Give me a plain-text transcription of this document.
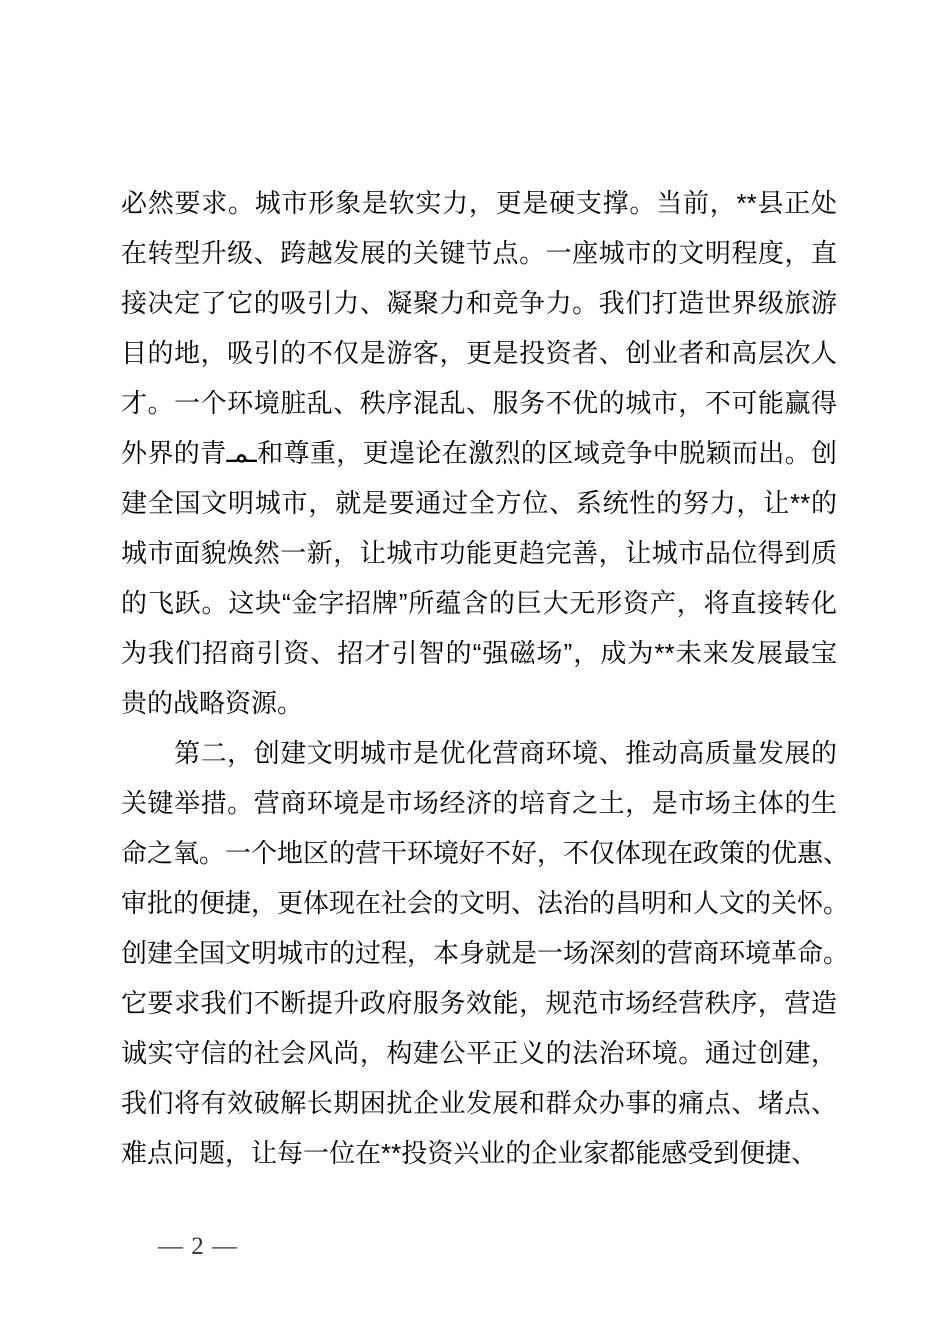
必然要求。城市形象是软实力，更是硬支撑。当前，**县正处
在转型升级、跨越发展的关键节点。一座城市的文明程度，直
接决定了它的吸引力、凝聚力和竞争力。我们打造世界级旅游
目的地，吸引的不仅是游客，更是投资者、创业者和高层次人
才。一个环境脏乱、秩序混乱、服务不优的城市，不可能赢得
外界的青ـمـ和尊重，更遑论在激烈的区域竞争中脱颖而出。创
建全国文明城市，就是要通过全方位、系统性的努力，让**的
城市面貌焕然一新，让城市功能更趋完善，让城市品位得到质
的飞跃。这块“金字招牌”所蕴含的巨大无形资产，将直接转化
为我们招商引资、招才引智的“强磁场”，成为**未来发展最宝
贵的战略资源。
　　第二，创建文明城市是优化营商环境、推动高质量发展的
关键举措。营商环境是市场经济的培育之土，是市场主体的生
命之氧。一个地区的营干环境好不好，不仅体现在政策的优惠、
审批的便捷，更体现在社会的文明、法治的昌明和人文的关怀。
创建全国文明城市的过程，本身就是一场深刻的营商环境革命。
它要求我们不断提升政府服务效能，规范市场经营秩序，营造
诚实守信的社会风尚，构建公平正义的法治环境。通过创建，
我们将有效破解长期困扰企业发展和群众办事的痛点、堵点、
难点问题，让每一位在**投资兴业的企业家都能感受到便捷、
— 2 —
